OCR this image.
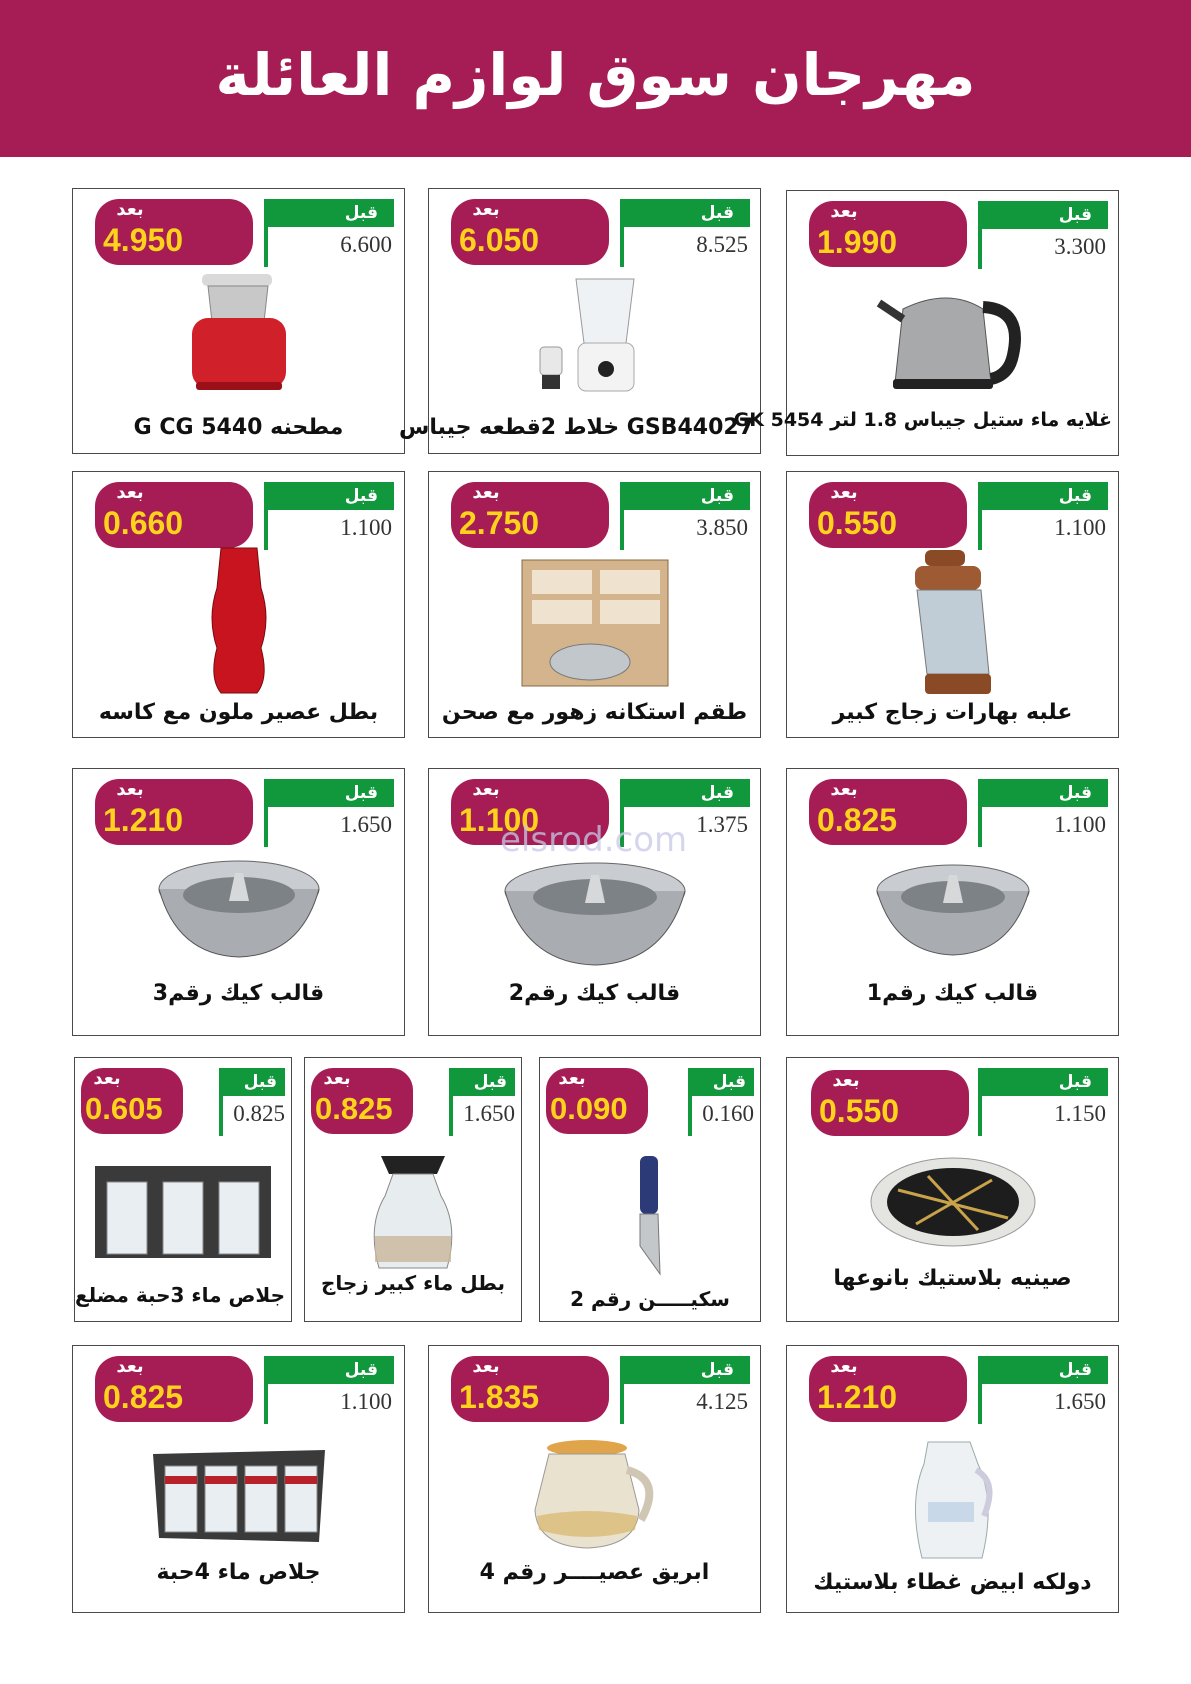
مهرجان سوق لوازم العائلة
بعد
4.950
قبل
6.600
مطحنه G CG 5440
بعد
6.050
قبل
8.525
GSB44027 خلاط 2قطعه جيباس
بعد
1.990
قبل
3.300
غلايه ماء ستيل جيباس 1.8 لتر GK 5454
بعد
0.660
قبل
1.100
بطل عصير ملون مع كاسه
بعد
2.750
قبل
3.850
طقم استكانه زهور مع صحن
بعد
0.550
قبل
1.100
علبه بهارات زجاج كبير
بعد
1.210
قبل
1.650
قالب كيك رقم3
بعد
1.100
قبل
1.375
قالب كيك رقم2
بعد
0.825
قبل
1.100
قالب كيك رقم1
بعد
0.605
قبل
0.825
جلاص ماء 3حبة مضلع
بعد
0.825
قبل
1.650
بطل ماء كبير زجاج
بعد
0.090
قبل
0.160
سكيـــــن رقم 2
بعد
0.550
قبل
1.150
صينيه بلاستيك بانوعها
بعد
0.825
قبل
1.100
جلاص ماء 4حبة
بعد
1.835
قبل
4.125
ابريق عصيــــر رقم 4
بعد
1.210
قبل
1.650
دولكه ابيض غطاء بلاستيك
elsrod.com
